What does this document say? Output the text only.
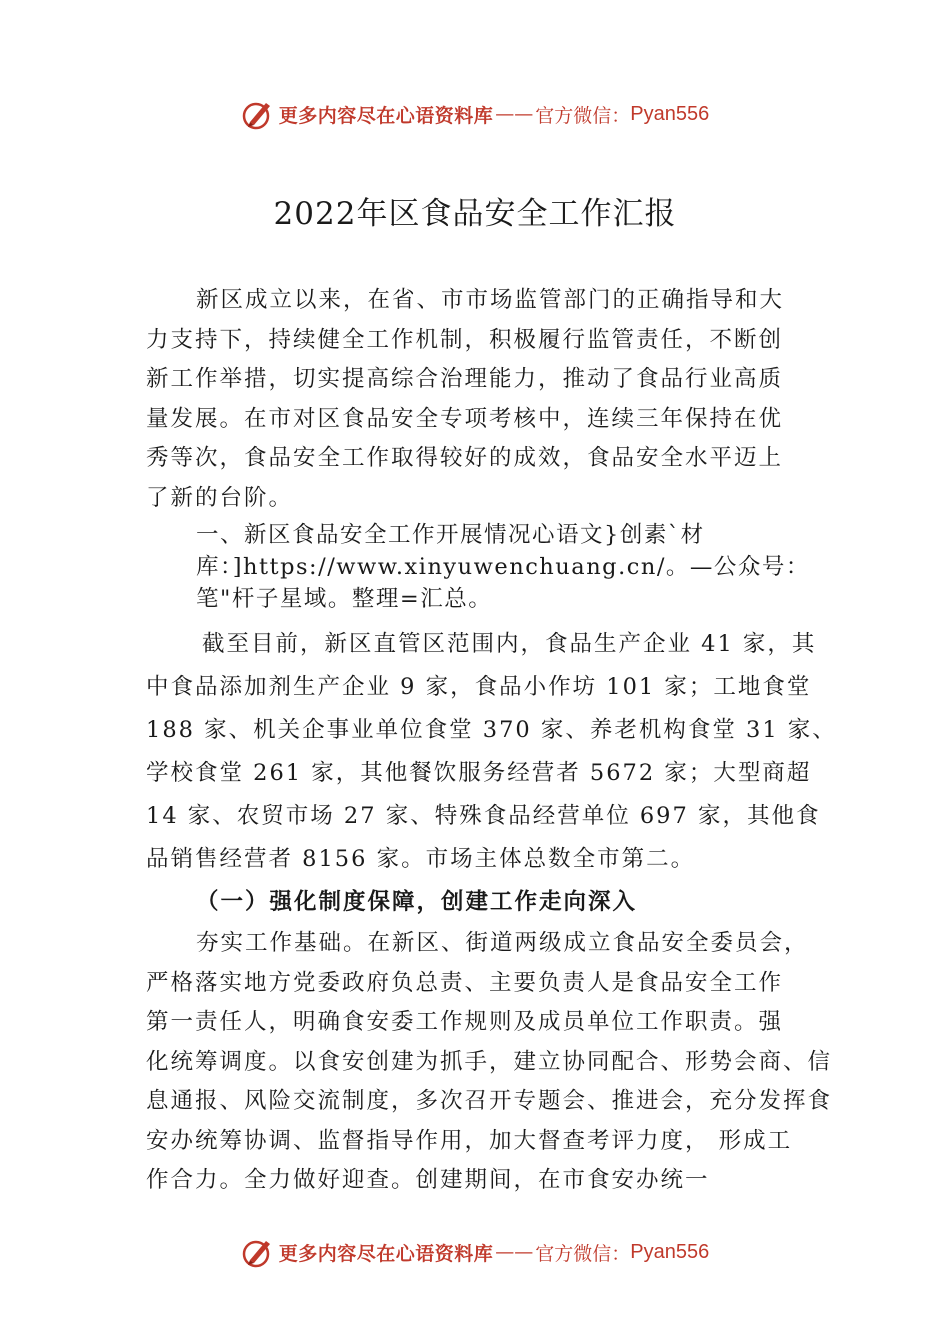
更多内容尽在心语资料库 —— 官方微信： Pyan556
2022年区食品安全工作汇报
新区成立以来，在省、市市场监管部门的正确指导和大
力支持下，持续健全工作机制，积极履行监管责任，不断创
新工作举措，切实提高综合治理能力，推动了食品行业高质
量发展。在市对区食品安全专项考核中，连续三年保持在优
秀等次，食品安全工作取得较好的成效，食品安全水平迈上
了新的台阶。
一、新区食品安全工作开展情况心语文}创素`材
库：]https://www.xinyuwenchuang.cn/。—公众号：
笔"杆子星域。整理=汇总。
截至目前，新区直管区范围内，食品生产企业 41 家，其
中食品添加剂生产企业 9 家，食品小作坊 101 家；工地食堂
188 家、机关企事业单位食堂 370 家、养老机构食堂 31 家、
学校食堂 261 家，其他餐饮服务经营者 5672 家；大型商超
14 家、农贸市场 27 家、特殊食品经营单位 697 家，其他食
品销售经营者 8156 家。市场主体总数全市第二。
（一）强化制度保障，创建工作走向深入
夯实工作基础。在新区、街道两级成立食品安全委员会，
严格落实地方党委政府负总责、主要负责人是食品安全工作
第一责任人，明确食安委工作规则及成员单位工作职责。强
化统筹调度。以食安创建为抓手，建立协同配合、形势会商、信
息通报、风险交流制度，多次召开专题会、推进会，充分发挥食
安办统筹协调、监督指导作用，加大督查考评力度， 形成工
作合力。全力做好迎查。创建期间，在市食安办统一
更多内容尽在心语资料库 —— 官方微信： Pyan556
